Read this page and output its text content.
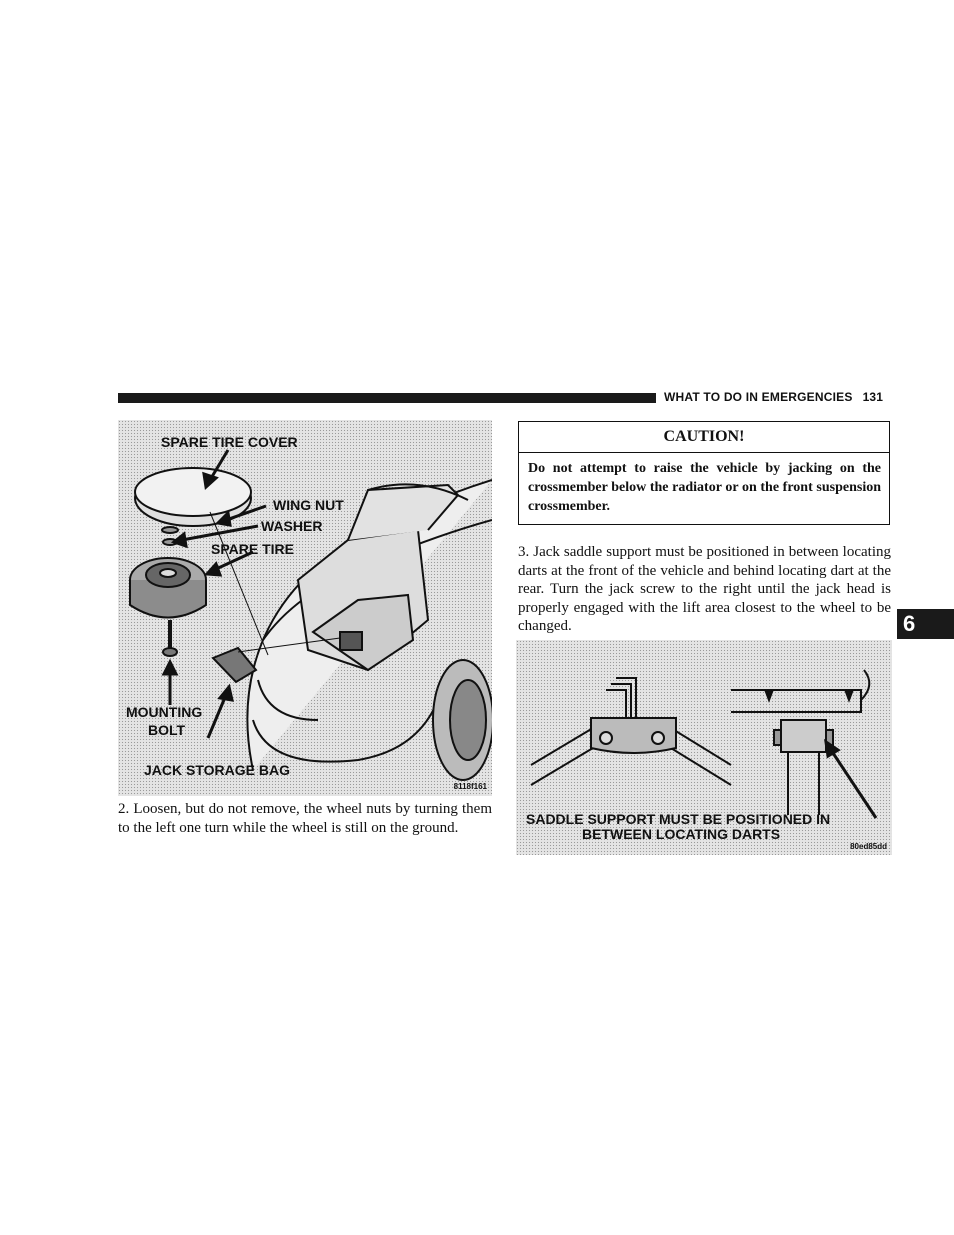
WHAT TO DO IN EMERGENCIES 131
6
SPARE TIRE COVER
WING NUT
WASHER
SPARE TIRE
MOUNTING
BOLT
JACK STORAGE BAG
8118f161
2. Loosen, but do not remove, the wheel nuts by turning them to the left one turn while the wheel is still on the ground.
CAUTION!
Do not attempt to raise the vehicle by jacking on the crossmember below the radiator or on the front suspension crossmember.
3. Jack saddle support must be positioned in between locating darts at the front of the vehicle and behind locating dart at the rear. Turn the jack screw to the right until the jack head is properly engaged with the lift area closest to the wheel to be changed.
SADDLE SUPPORT MUST BE POSITIONED IN
BETWEEN LOCATING DARTS
80ed85dd
